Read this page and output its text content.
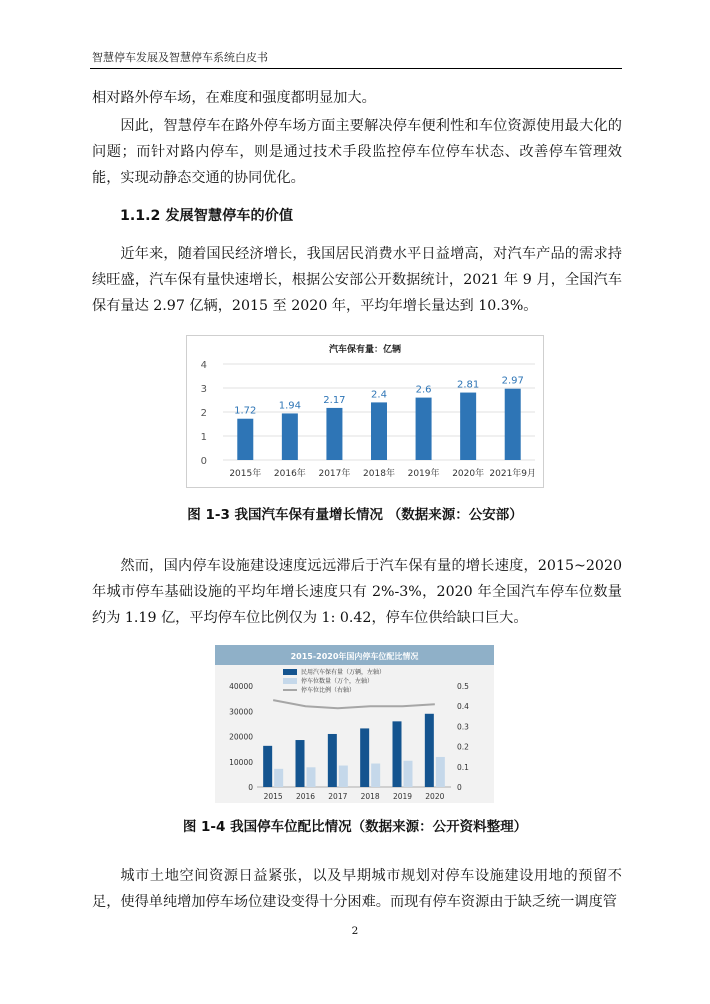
智慧停车发展及智慧停车系统白皮书
相对路外停车场，在难度和强度都明显加大。
因此，智慧停车在路外停车场方面主要解决停车便利性和车位资源使用最大化的问题；而针对路内停车，则是通过技术手段监控停车位停车状态、改善停车管理效能，实现动静态交通的协同优化。
1.1.2 发展智慧停车的价值
近年来，随着国民经济增长，我国居民消费水平日益增高，对汽车产品的需求持续旺盛，汽车保有量快速增长，根据公安部公开数据统计，2021 年 9 月，全国汽车保有量达 2.97 亿辆，2015 至 2020 年，平均年增长量达到 10.3%。
汽车保有量：亿辆
0
1
2
3
4
1.72
2015年
1.94
2016年
2.17
2017年
2.4
2018年
2.6
2019年
2.81
2020年
2.97
2021年9月
图 1-3 我国汽车保有量增长情况 （数据来源：公安部）
然而，国内停车设施建设速度远远滞后于汽车保有量的增长速度，2015~2020 年城市停车基础设施的平均年增长速度只有 2%-3%，2020 年全国汽车停车位数量约为 1.19 亿，平均停车位比例仅为 1: 0.42，停车位供给缺口巨大。
2015-2020年国内停车位配比情况
0
10000
20000
30000
40000
0
0.1
0.2
0.3
0.4
0.5
2015 2016 2017 2018 2019 2020
民用汽车保有量（万辆，左轴）
停车位数量（万个，左轴）
停车位比例（右轴）
图 1-4 我国停车位配比情况（数据来源：公开资料整理）
城市土地空间资源日益紧张，以及早期城市规划对停车设施建设用地的预留不足，使得单纯增加停车场位建设变得十分困难。而现有停车资源由于缺乏统一调度管
2
